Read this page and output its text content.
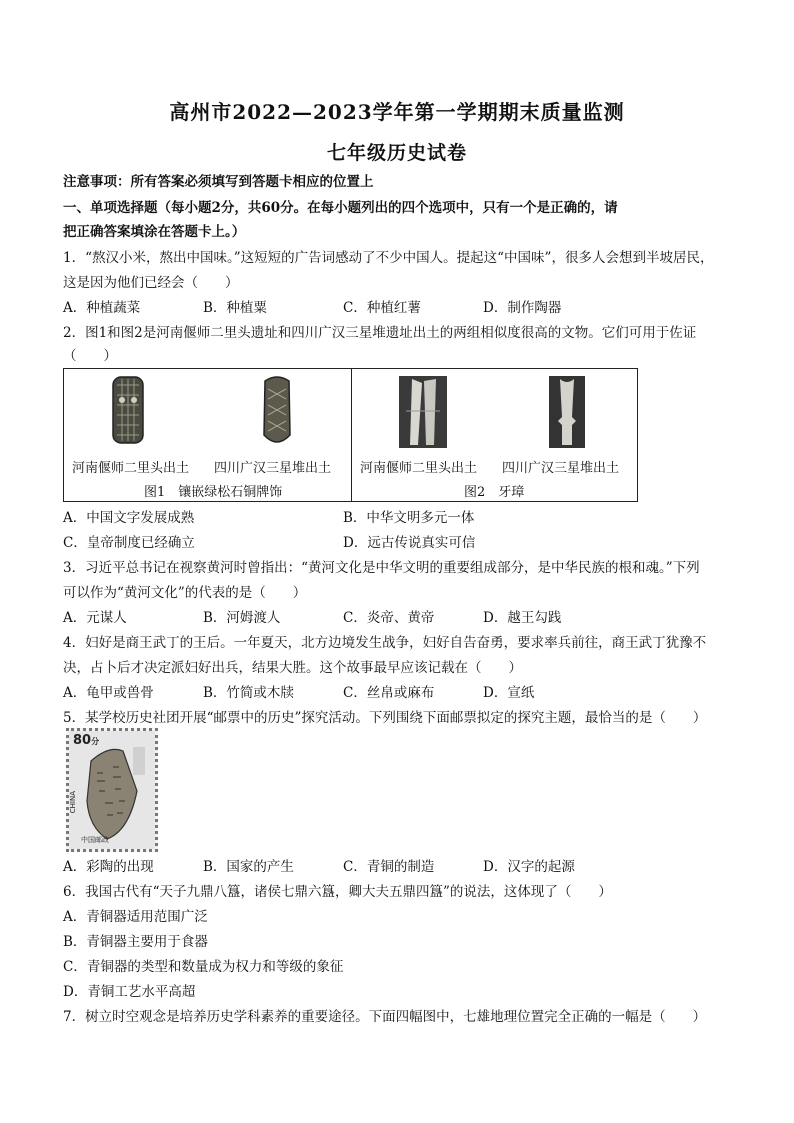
高州市2022—2023学年第一学期期末质量监测
七年级历史试卷
注意事项：所有答案必须填写到答题卡相应的位置上
一、单项选择题（每小题2分，共60分。在每小题列出的四个选项中，只有一个是正确的，请
把正确答案填涂在答题卡上。）
1．“熬汉小米，熬出中国味。”这短短的广告词感动了不少中国人。提起这“中国味”，很多人会想到半坡居民，
这是因为他们已经会（　　）
A．种植蔬菜	B．种植粟	C．种植红薯	D．制作陶器
2．图1和图2是河南偃师二里头遗址和四川广汉三星堆遗址出土的两组相似度很高的文物。它们可用于佐证
（　　）
河南偃师二里头出土 四川广汉三星堆出土
图1　镶嵌绿松石铜牌饰
河南偃师二里头出土 四川广汉三星堆出土
图2　牙璋
A．中国文字发展成熟	B．中华文明多元一体
C．皇帝制度已经确立	D．远古传说真实可信
3．习近平总书记在视察黄河时曾指出：“黄河文化是中华文明的重要组成部分，是中华民族的根和魂。”下列
可以作为“黄河文化”的代表的是（　　）
A．元谋人	B．河姆渡人	C．炎帝、黄帝	D．越王勾践
4．妇好是商王武丁的王后。一年夏天，北方边境发生战争，妇好自告奋勇，要求率兵前往，商王武丁犹豫不
决，占卜后才决定派妇好出兵，结果大胜。这个故事最早应该记载在（　　）
A．龟甲或兽骨	B．竹简或木牍	C．丝帛或麻布	D．宣纸
5．某学校历史社团开展“邮票中的历史”探究活动。下列围绕下面邮票拟定的探究主题，最恰当的是（　　）
80分
CHINA
中国邮政
A．彩陶的出现	B．国家的产生	C．青铜的制造	D．汉字的起源
6．我国古代有“天子九鼎八簋，诸侯七鼎六簋，卿大夫五鼎四簋”的说法，这体现了（　　）
A．青铜器适用范围广泛
B．青铜器主要用于食器
C．青铜器的类型和数量成为权力和等级的象征
D．青铜工艺水平高超
7．树立时空观念是培养历史学科素养的重要途径。下面四幅图中，七雄地理位置完全正确的一幅是（　　）
